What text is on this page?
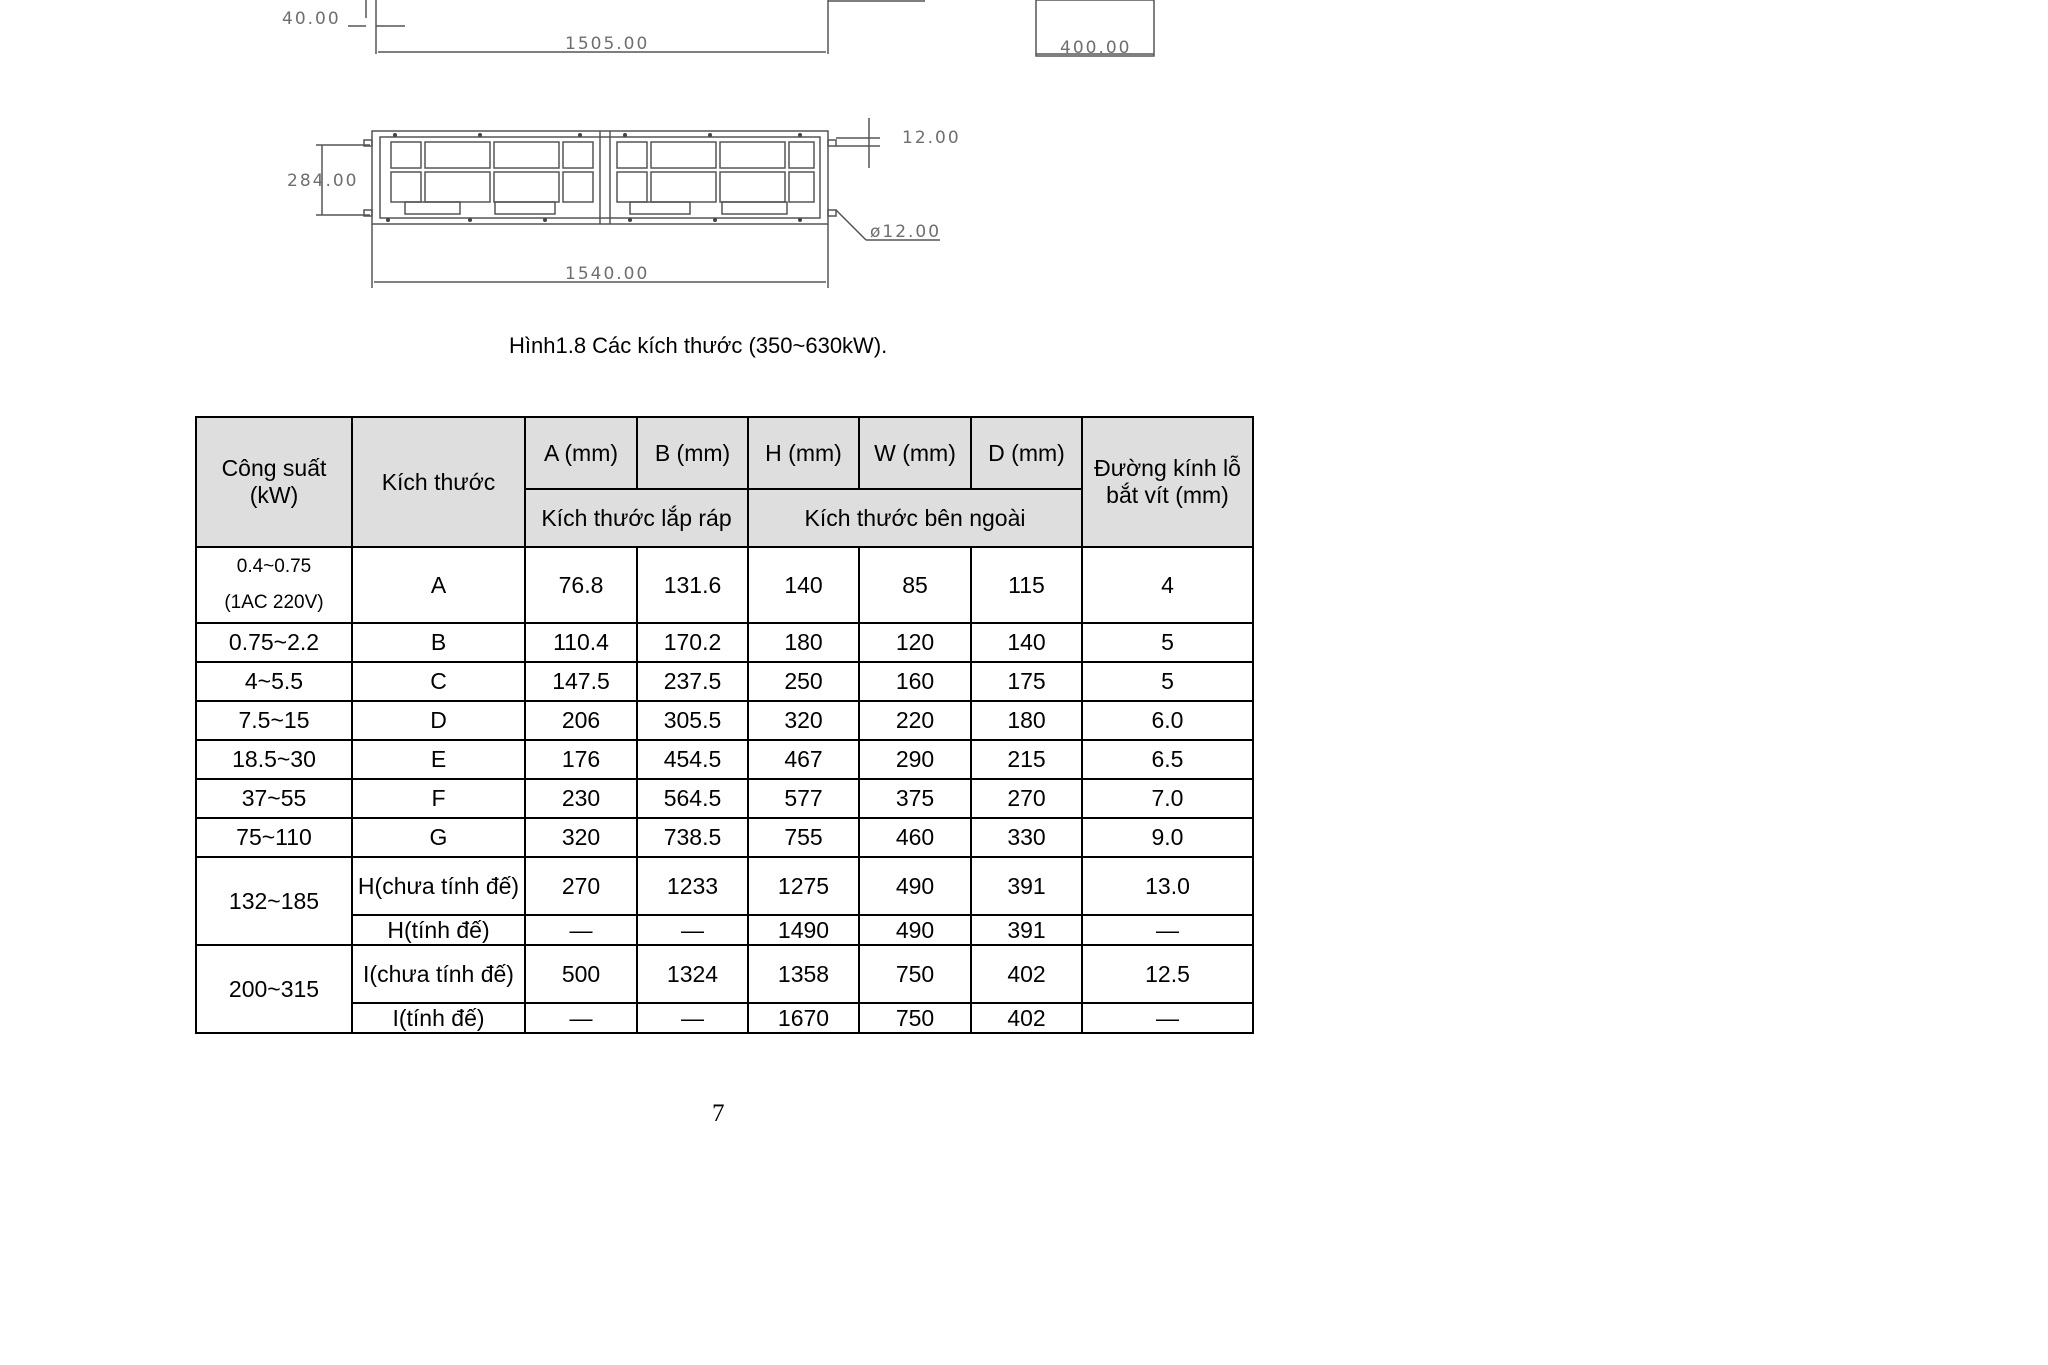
40.00
1505.00	400.00
284.00
12.00
ø12.00
1540.00
Hình1.8 Các kích thước (350~630kW).
Công suất (kW)	Kích thước	A (mm)	B (mm)	H (mm)	W (mm)	D (mm)	Đường kính lỗ bắt vít (mm)
		Kích thước lắp ráp		Kích thước bên ngoài			

0.4~0.75
(1AC 220V)	A	76.8	131.6	140	85	115	4
0.75~2.2	B	110.4	170.2	180	120	140	5
4~5.5	C	147.5	237.5	250	160	175	5
7.5~15	D	206	305.5	320	220	180	6.0
18.5~30	E	176	454.5	467	290	215	6.5
37~55	F	230	564.5	577	375	270	7.0
75~110	G	320	738.5	755	460	330	9.0
132~185	H(chưa tính đế)	270	1233	1275	490	391	13.0
	H(tính đế)	—	—	1490	490	391	—
200~315	I(chưa tính đế)	500	1324	1358	750	402	12.5
	I(tính đế)	—	—	1670	750	402	—
7
